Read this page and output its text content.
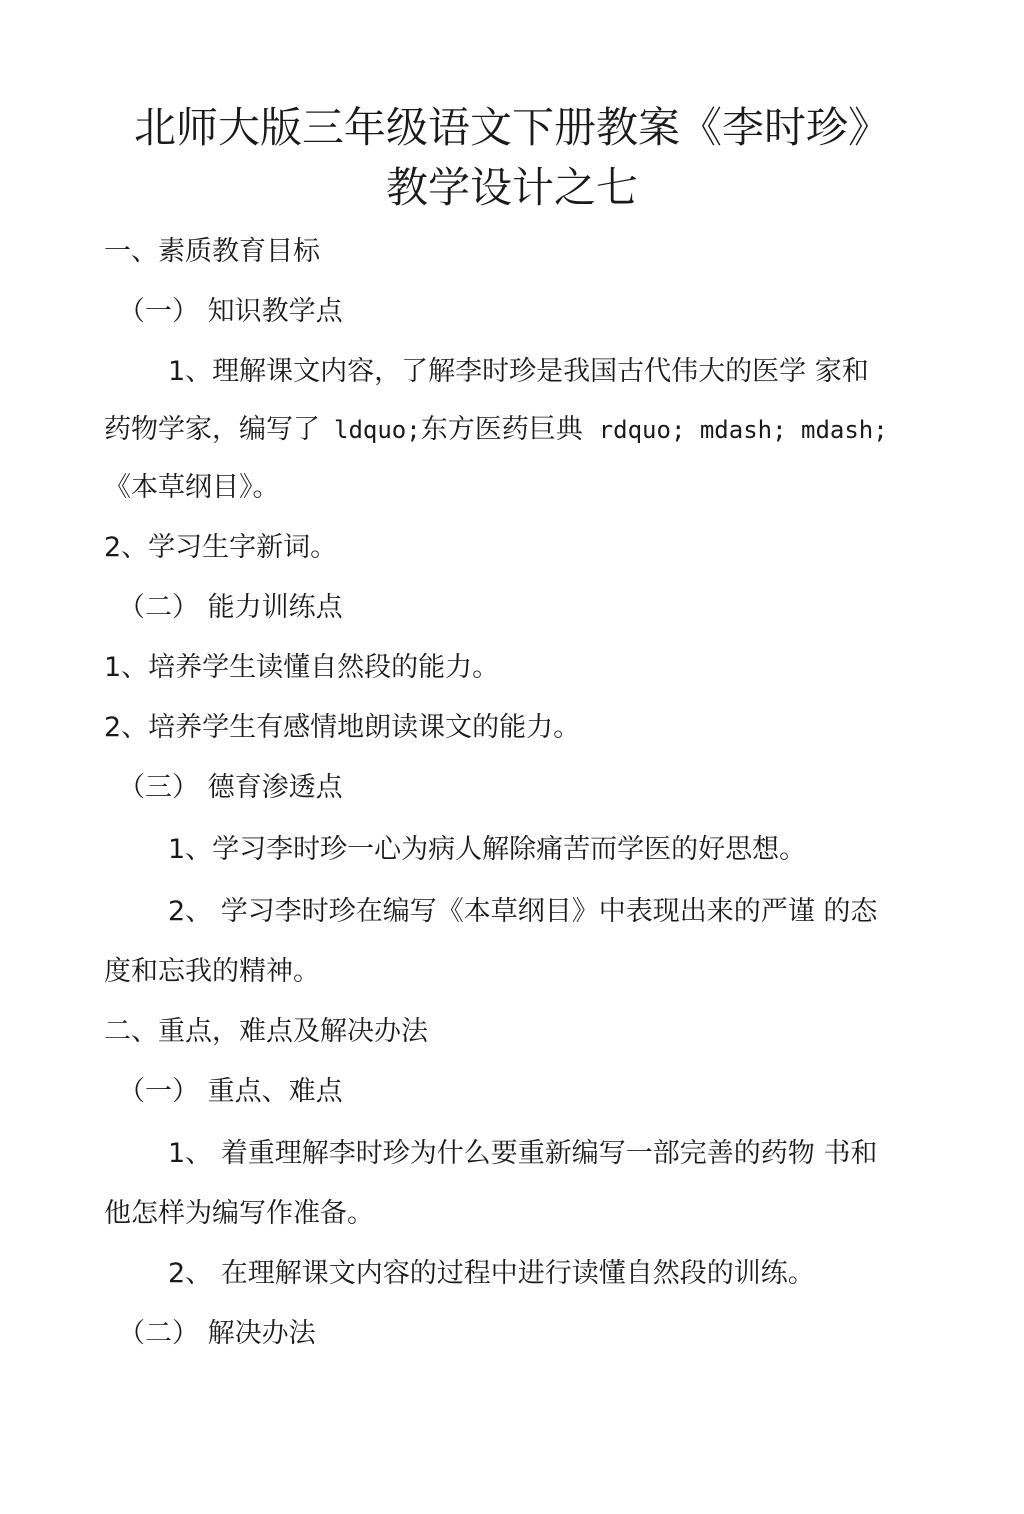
北师大版三年级语文下册教案《李时珍》
教学设计之七
一、素质教育目标
（一） 知识教学点
1、理解课文内容，了解李时珍是我国古代伟大的医学 家和
药物学家，编写了 ldquo;东方医药巨典 rdquo; mdash; mdash;
《本草纲目》。
2、学习生字新词。
（二） 能力训练点
1、培养学生读懂自然段的能力。
2、培养学生有感情地朗读课文的能力。
（三） 德育渗透点
1、学习李时珍一心为病人解除痛苦而学医的好思想。
2、 学习李时珍在编写《本草纲目》中表现出来的严谨 的态
度和忘我的精神。
二、重点，难点及解决办法
（一） 重点、难点
1、 着重理解李时珍为什么要重新编写一部完善的药物 书和
他怎样为编写作准备。
2、 在理解课文内容的过程中进行读懂自然段的训练。
（二） 解决办法
